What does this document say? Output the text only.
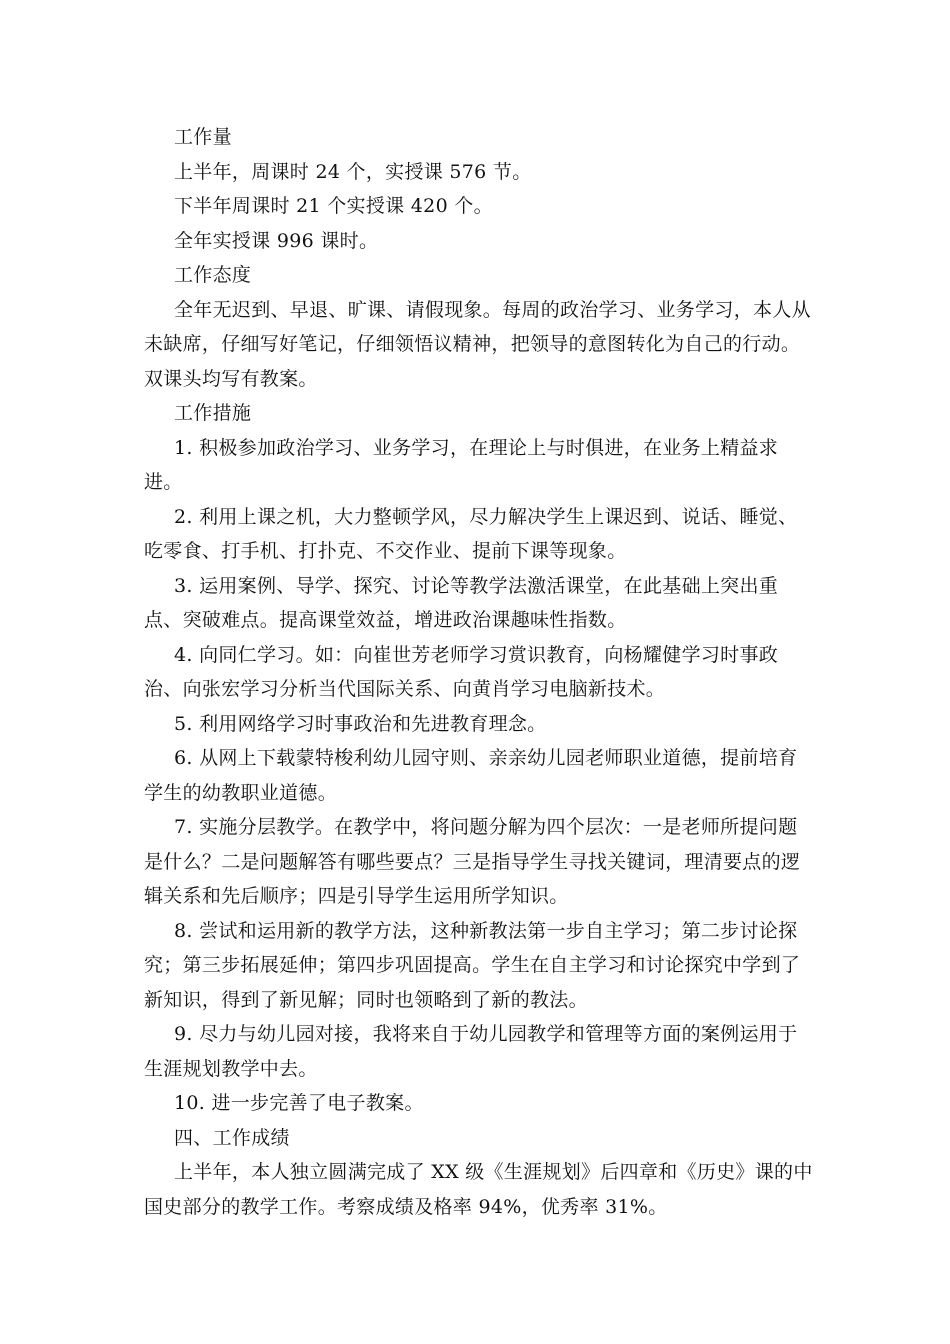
工作量

上半年，周课时 24 个，实授课 576 节。

下半年周课时 21 个实授课 420 个。

全年实授课 996 课时。

工作态度

全年无迟到、早退、旷课、请假现象。每周的政治学习、业务学习，本人从未缺席，仔细写好笔记，仔细领悟议精神，把领导的意图转化为自己的行动。双课头均写有教案。

工作措施

1. 积极参加政治学习、业务学习，在理论上与时俱进，在业务上精益求进。

2. 利用上课之机，大力整顿学风，尽力解决学生上课迟到、说话、睡觉、吃零食、打手机、打扑克、不交作业、提前下课等现象。

3. 运用案例、导学、探究、讨论等教学法激活课堂，在此基础上突出重点、突破难点。提高课堂效益，增进政治课趣味性指数。

4. 向同仁学习。如：向崔世芳老师学习赏识教育，向杨耀健学习时事政治、向张宏学习分析当代国际关系、向黄肖学习电脑新技术。

5. 利用网络学习时事政治和先进教育理念。

6. 从网上下载蒙特梭利幼儿园守则、亲亲幼儿园老师职业道德，提前培育学生的幼教职业道德。

7. 实施分层教学。在教学中，将问题分解为四个层次：一是老师所提问题是什么？二是问题解答有哪些要点？三是指导学生寻找关键词，理清要点的逻辑关系和先后顺序；四是引导学生运用所学知识。

8. 尝试和运用新的教学方法，这种新教法第一步自主学习；第二步讨论探究；第三步拓展延伸；第四步巩固提高。学生在自主学习和讨论探究中学到了新知识，得到了新见解；同时也领略到了新的教法。

9. 尽力与幼儿园对接，我将来自于幼儿园教学和管理等方面的案例运用于生涯规划教学中去。

10. 进一步完善了电子教案。

四、工作成绩

上半年，本人独立圆满完成了 XX 级《生涯规划》后四章和《历史》课的中国史部分的教学工作。考察成绩及格率 94%，优秀率 31%。
